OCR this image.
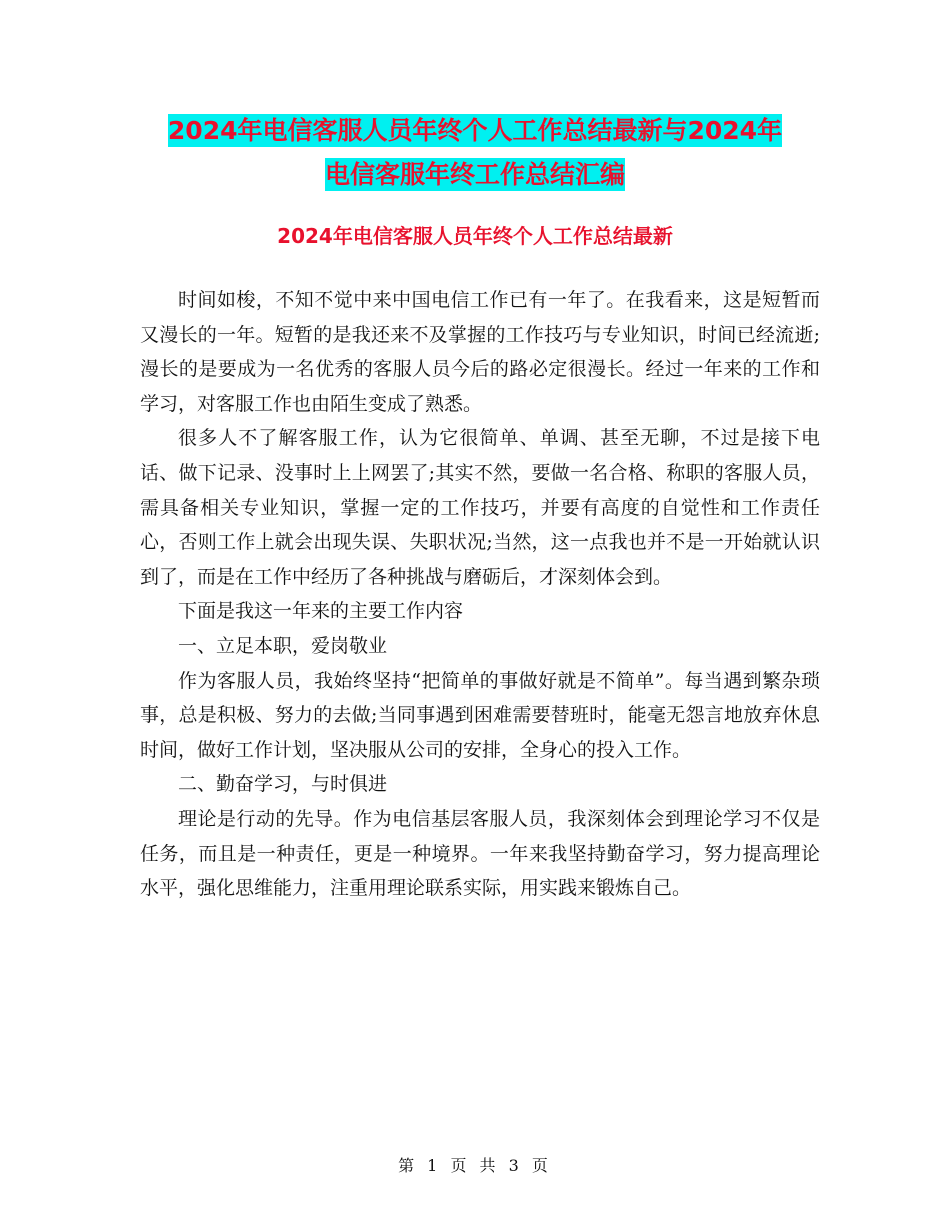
2024年电信客服人员年终个人工作总结最新与2024年
电信客服年终工作总结汇编
2024年电信客服人员年终个人工作总结最新

时间如梭，不知不觉中来中国电信工作已有一年了。在我看来，这是短暂而又漫长的一年。短暂的是我还来不及掌握的工作技巧与专业知识，时间已经流逝;漫长的是要成为一名优秀的客服人员今后的路必定很漫长。经过一年来的工作和学习，对客服工作也由陌生变成了熟悉。

很多人不了解客服工作，认为它很简单、单调、甚至无聊，不过是接下电话、做下记录、没事时上上网罢了;其实不然，要做一名合格、称职的客服人员，需具备相关专业知识，掌握一定的工作技巧，并要有高度的自觉性和工作责任心，否则工作上就会出现失误、失职状况;当然，这一点我也并不是一开始就认识到了，而是在工作中经历了各种挑战与磨砺后，才深刻体会到。

下面是我这一年来的主要工作内容

一、立足本职，爱岗敬业

作为客服人员，我始终坚持“把简单的事做好就是不简单”。每当遇到繁杂琐事，总是积极、努力的去做;当同事遇到困难需要替班时，能毫无怨言地放弃休息时间，做好工作计划，坚决服从公司的安排，全身心的投入工作。

二、勤奋学习，与时俱进

理论是行动的先导。作为电信基层客服人员，我深刻体会到理论学习不仅是任务，而且是一种责任，更是一种境界。一年来我坚持勤奋学习，努力提高理论水平，强化思维能力，注重用理论联系实际，用实践来锻炼自己。

第 1 页 共 3 页
